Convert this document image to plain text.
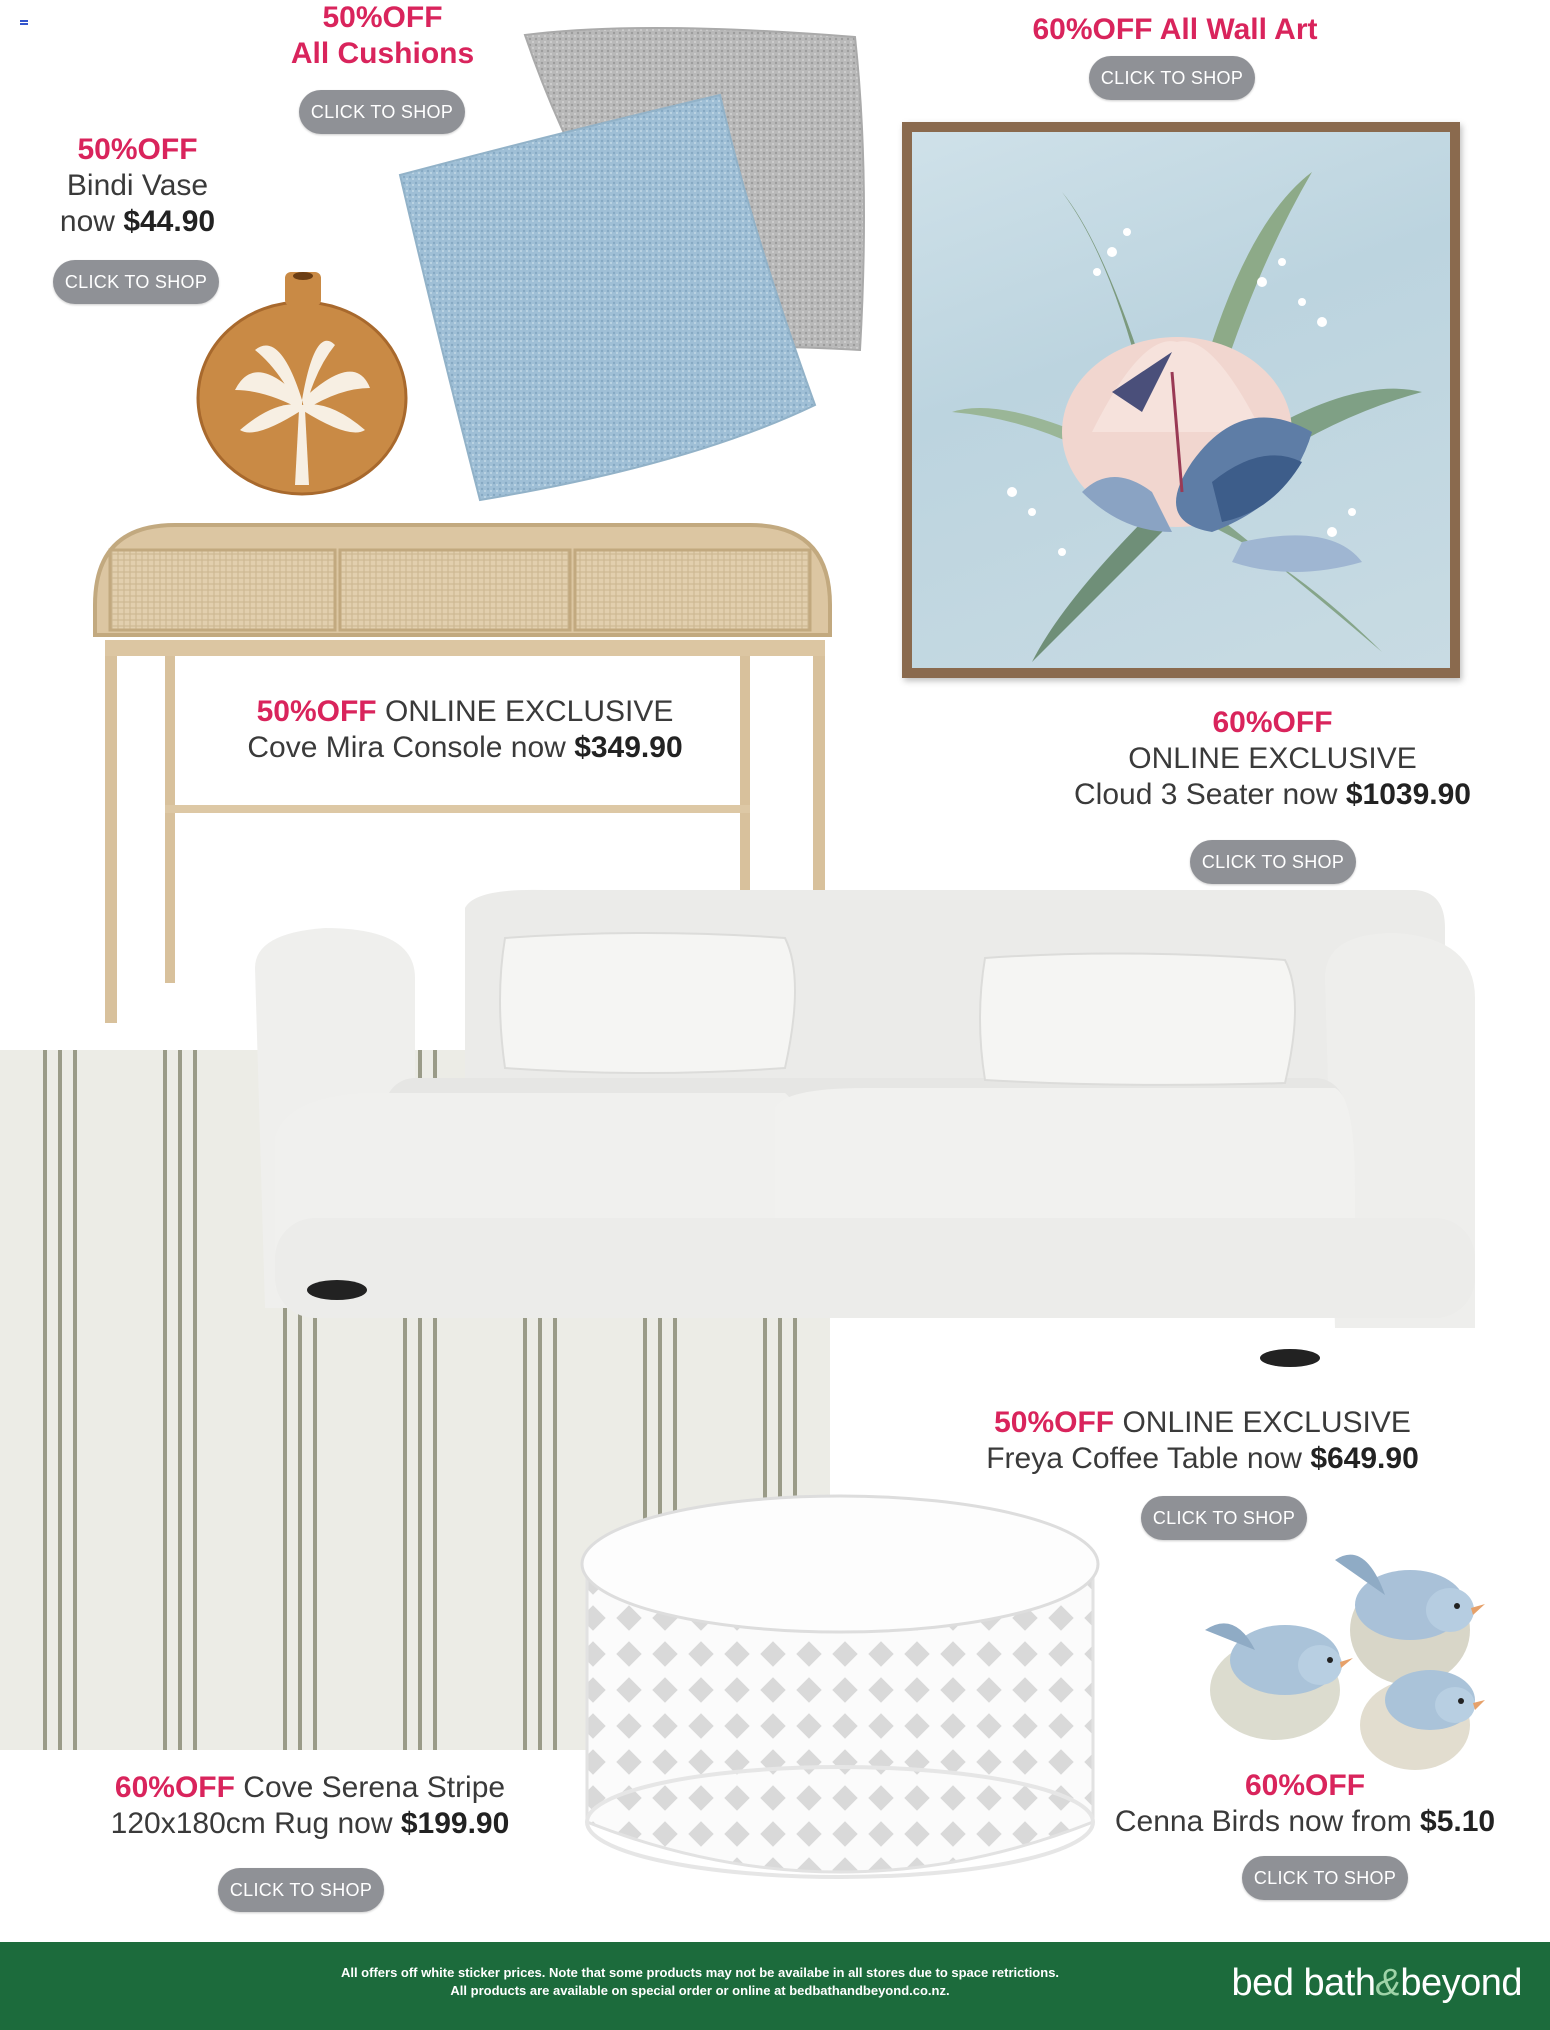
50%OFF
All Cushions
CLICK TO SHOP
50%OFF
Bindi Vase
now $44.90
CLICK TO SHOP
60%OFF All Wall Art
CLICK TO SHOP
50%OFF ONLINE EXCLUSIVE
Cove Mira Console now $349.90
60%OFF
ONLINE EXCLUSIVE
Cloud 3 Seater now $1039.90
CLICK TO SHOP
50%OFF ONLINE EXCLUSIVE
Freya Coffee Table now $649.90
CLICK TO SHOP
60%OFF Cove Serena Stripe
120x180cm Rug now $199.90
CLICK TO SHOP
60%OFF
Cenna Birds now from $5.10
CLICK TO SHOP
All offers off white sticker prices. Note that some products may not be availabe in all stores due to space retrictions.
All products are available on special order or online at bedbathandbeyond.co.nz.	bed bath&beyond
